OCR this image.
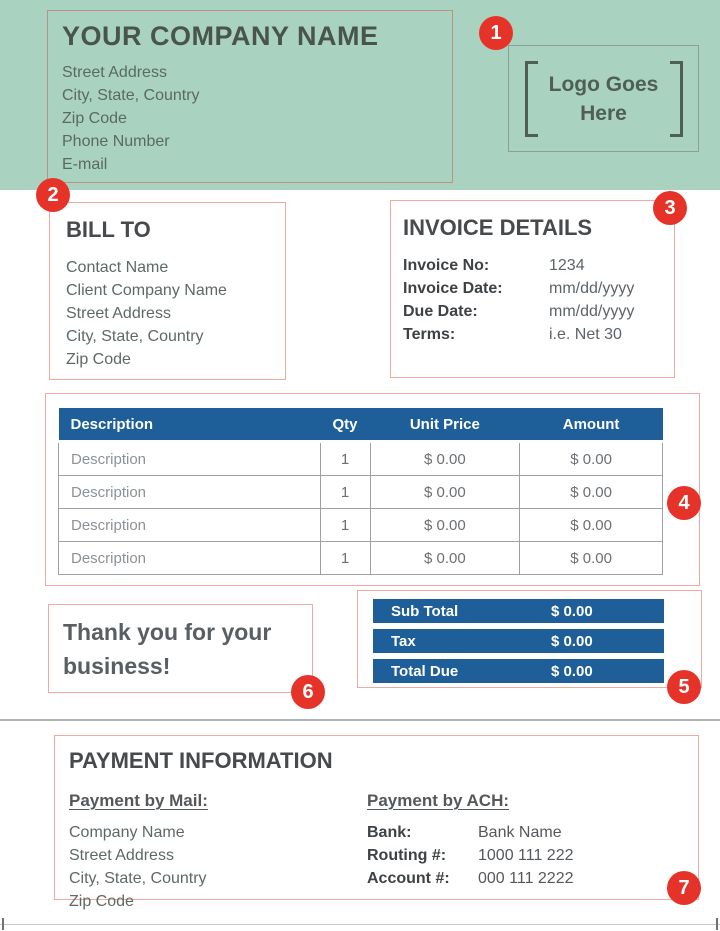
YOUR COMPANY NAME
Street Address
City, State, Country
Zip Code
Phone Number
E-mail
Logo Goes Here
1
2
3
4
5
6
7
BILL TO
Contact Name
Client Company Name
Street Address
City, State, Country
Zip Code
INVOICE DETAILS
Invoice No:	1234
Invoice Date:	mm/dd/yyyy
Due Date:	mm/dd/yyyy
Terms:	i.e. Net 30
Description	Qty	Unit Price	Amount
Description	1	$ 0.00	$ 0.00
Description	1	$ 0.00	$ 0.00
Description	1	$ 0.00	$ 0.00
Description	1	$ 0.00	$ 0.00
Sub Total	$ 0.00
Tax	$ 0.00
Total Due	$ 0.00
Thank you for your business!
PAYMENT INFORMATION
Payment by Mail:
Company Name
Street Address
City, State, Country
Zip Code
Payment by ACH:
Bank:	Bank Name
Routing #:	1000 111 222
Account #:	000 111 2222
